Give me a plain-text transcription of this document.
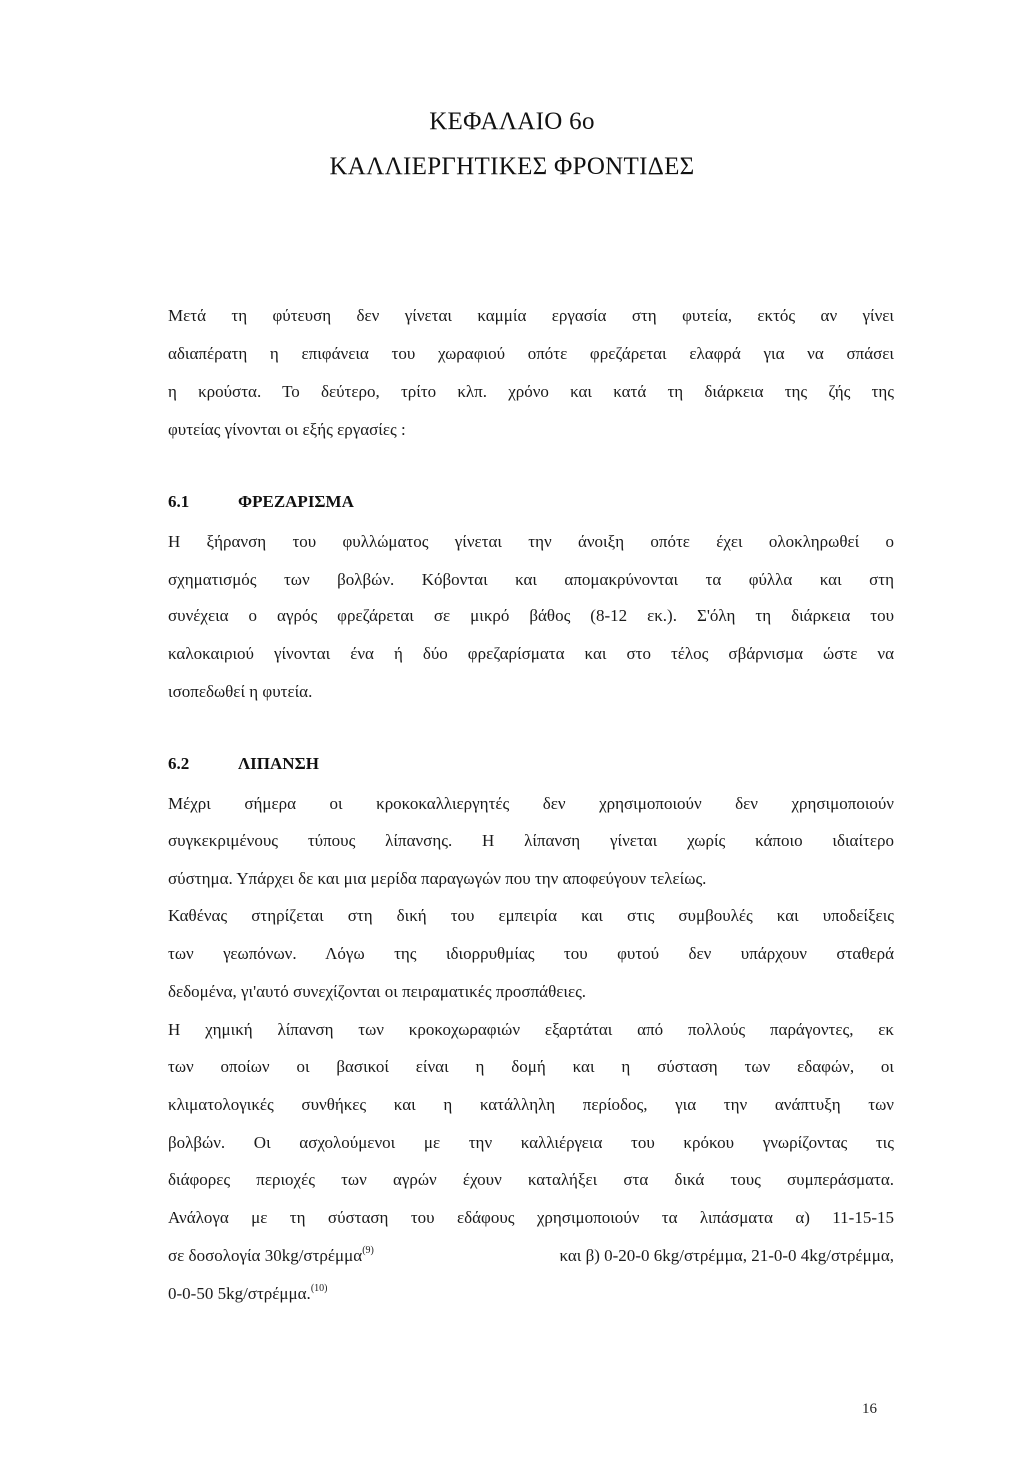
ΚΕΦΑΛΑΙΟ 6ο
ΚΑΛΛΙΕΡΓΗΤΙΚΕΣ ΦΡΟΝΤΙΔΕΣ
Μετά τη φύτευση δεν γίνεται καμμία εργασία στη φυτεία, εκτός αν γίνει
αδιαπέρατη η επιφάνεια του χωραφιού οπότε φρεζάρεται ελαφρά για να σπάσει
η κρούστα. Το δεύτερο, τρίτο κλπ. χρόνο και κατά τη διάρκεια της ζής της
φυτείας γίνονται οι εξής εργασίες :
6.1	ΦΡΕΖΑΡΙΣΜΑ
Η ξήρανση του φυλλώματος γίνεται την άνοιξη οπότε έχει ολοκληρωθεί ο
σχηματισμός των βολβών. Κόβονται και απομακρύνονται τα φύλλα και στη
συνέχεια ο αγρός φρεζάρεται σε μικρό βάθος (8-12 εκ.). Σ'όλη τη διάρκεια του
καλοκαιριού γίνονται ένα ή δύο φρεζαρίσματα και στο τέλος σβάρνισμα ώστε να
ισοπεδωθεί η φυτεία.
6.2	ΛΙΠΑΝΣΗ
Μέχρι σήμερα οι κροκοκαλλιεργητές δεν χρησιμοποιούν δεν χρησιμοποιούν
συγκεκριμένους τύπους λίπανσης. Η λίπανση γίνεται χωρίς κάποιο ιδιαίτερο
σύστημα. Υπάρχει δε και μια μερίδα παραγωγών που την αποφεύγουν τελείως.
Καθένας στηρίζεται στη δική του εμπειρία και στις συμβουλές και υποδείξεις
των γεωπόνων. Λόγω της ιδιορρυθμίας του φυτού δεν υπάρχουν σταθερά
δεδομένα, γι'αυτό συνεχίζονται οι πειραματικές προσπάθειες.
Η χημική λίπανση των κροκοχωραφιών εξαρτάται από πολλούς παράγοντες, εκ
των οποίων οι βασικοί είναι η δομή και η σύσταση των εδαφών, οι
κλιματολογικές συνθήκες και η κατάλληλη περίοδος, για την ανάπτυξη των
βολβών. Οι ασχολούμενοι με την καλλιέργεια του κρόκου γνωρίζοντας τις
διάφορες περιοχές των αγρών έχουν καταλήξει στα δικά τους συμπεράσματα.
Ανάλογα με τη σύσταση του εδάφους χρησιμοποιούν τα λιπάσματα α) 11-15-15
σε δοσολογία 30kg/στρέμμα$^{(9)}$	και β) 0-20-0 6kg/στρέμμα, 21-0-0 4kg/στρέμμα,
0-0-50 5kg/στρέμμα.$^{(10)}$
16
